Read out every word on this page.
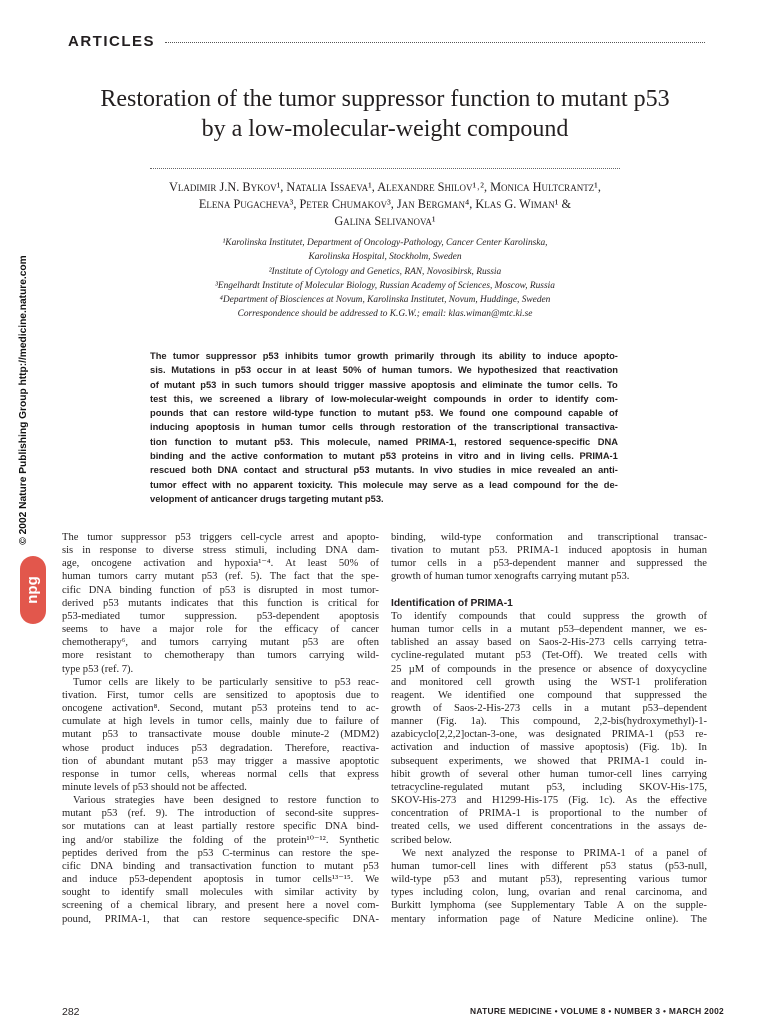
ARTICLES
Restoration of the tumor suppressor function to mutant p53
by a low-molecular-weight compound
Vladimir J.N. Bykov¹, Natalia Issaeva¹, Alexandre Shilov¹˒², Monica Hultcrantz¹,
Elena Pugacheva³, Peter Chumakov³, Jan Bergman⁴, Klas G. Wiman¹ &
Galina Selivanova¹
¹Karolinska Institutet, Department of Oncology-Pathology, Cancer Center Karolinska,
Karolinska Hospital, Stockholm, Sweden
²Institute of Cytology and Genetics, RAN, Novosibirsk, Russia
³Engelhardt Institute of Molecular Biology, Russian Academy of Sciences, Moscow, Russia
⁴Department of Biosciences at Novum, Karolinska Institutet, Novum, Huddinge, Sweden
Correspondence should be addressed to K.G.W.; email: klas.wiman@mtc.ki.se
The tumor suppressor p53 inhibits tumor growth primarily through its ability to induce apopto-
sis. Mutations in p53 occur in at least 50% of human tumors. We hypothesized that reactivation
of mutant p53 in such tumors should trigger massive apoptosis and eliminate the tumor cells. To
test this, we screened a library of low-molecular-weight compounds in order to identify com-
pounds that can restore wild-type function to mutant p53. We found one compound capable of
inducing apoptosis in human tumor cells through restoration of the transcriptional transactiva-
tion function to mutant p53. This molecule, named PRIMA-1, restored sequence-specific DNA
binding and the active conformation to mutant p53 proteins in vitro and in living cells. PRIMA-1
rescued both DNA contact and structural p53 mutants. In vivo studies in mice revealed an anti-
tumor effect with no apparent toxicity. This molecule may serve as a lead compound for the de-
velopment of anticancer drugs targeting mutant p53.
© 2002 Nature Publishing Group http://medicine.nature.com
npg
The tumor suppressor p53 triggers cell-cycle arrest and apopto-
sis in response to diverse stress stimuli, including DNA dam-
age, oncogene activation and hypoxia¹⁻⁴. At least 50% of
human tumors carry mutant p53 (ref. 5). The fact that the spe-
cific DNA binding function of p53 is disrupted in most tumor-
derived p53 mutants indicates that this function is critical for
p53-mediated tumor suppression. p53-dependent apoptosis
seems to have a major role for the efficacy of cancer
chemotherapy⁶, and tumors carrying mutant p53 are often
more resistant to chemotherapy than tumors carrying wild-
type p53 (ref. 7).
Tumor cells are likely to be particularly sensitive to p53 reac-
tivation. First, tumor cells are sensitized to apoptosis due to
oncogene activation⁸. Second, mutant p53 proteins tend to ac-
cumulate at high levels in tumor cells, mainly due to failure of
mutant p53 to transactivate mouse double minute-2 (MDM2)
whose product induces p53 degradation. Therefore, reactiva-
tion of abundant mutant p53 may trigger a massive apoptotic
response in tumor cells, whereas normal cells that express
minute levels of p53 should not be affected.
Various strategies have been designed to restore function to
mutant p53 (ref. 9). The introduction of second-site suppres-
sor mutations can at least partially restore specific DNA bind-
ing and/or stabilize the folding of the protein¹⁰⁻¹². Synthetic
peptides derived from the p53 C-terminus can restore the spe-
cific DNA binding and transactivation function to mutant p53
and induce p53-dependent apoptosis in tumor cells¹³⁻¹⁵. We
sought to identify small molecules with similar activity by
screening of a chemical library, and present here a novel com-
pound, PRIMA-1, that can restore sequence-specific DNA-
binding, wild-type conformation and transcriptional transac-
tivation to mutant p53. PRIMA-1 induced apoptosis in human
tumor cells in a p53-dependent manner and suppressed the
growth of human tumor xenografts carrying mutant p53.
Identification of PRIMA-1
To identify compounds that could suppress the growth of
human tumor cells in a mutant p53–dependent manner, we es-
tablished an assay based on Saos-2-His-273 cells carrying tetra-
cycline-regulated mutant p53 (Tet-Off). We treated cells with
25 µM of compounds in the presence or absence of doxycycline
and monitored cell growth using the WST-1 proliferation
reagent. We identified one compound that suppressed the
growth of Saos-2-His-273 cells in a mutant p53–dependent
manner (Fig. 1a). This compound, 2,2-bis(hydroxymethyl)-1-
azabicyclo[2,2,2]octan-3-one, was designated PRIMA-1 (p53 re-
activation and induction of massive apoptosis) (Fig. 1b). In
subsequent experiments, we showed that PRIMA-1 could in-
hibit growth of several other human tumor-cell lines carrying
tetracycline-regulated mutant p53, including SKOV-His-175,
SKOV-His-273 and H1299-His-175 (Fig. 1c). As the effective
concentration of PRIMA-1 is proportional to the number of
treated cells, we used different concentrations in the assays de-
scribed below.
We next analyzed the response to PRIMA-1 of a panel of
human tumor-cell lines with different p53 status (p53-null,
wild-type p53 and mutant p53), representing various tumor
types including colon, lung, ovarian and renal carcinoma, and
Burkitt lymphoma (see Supplementary Table A on the supple-
mentary information page of Nature Medicine online). The
282	NATURE MEDICINE • VOLUME 8 • NUMBER 3 • MARCH 2002
